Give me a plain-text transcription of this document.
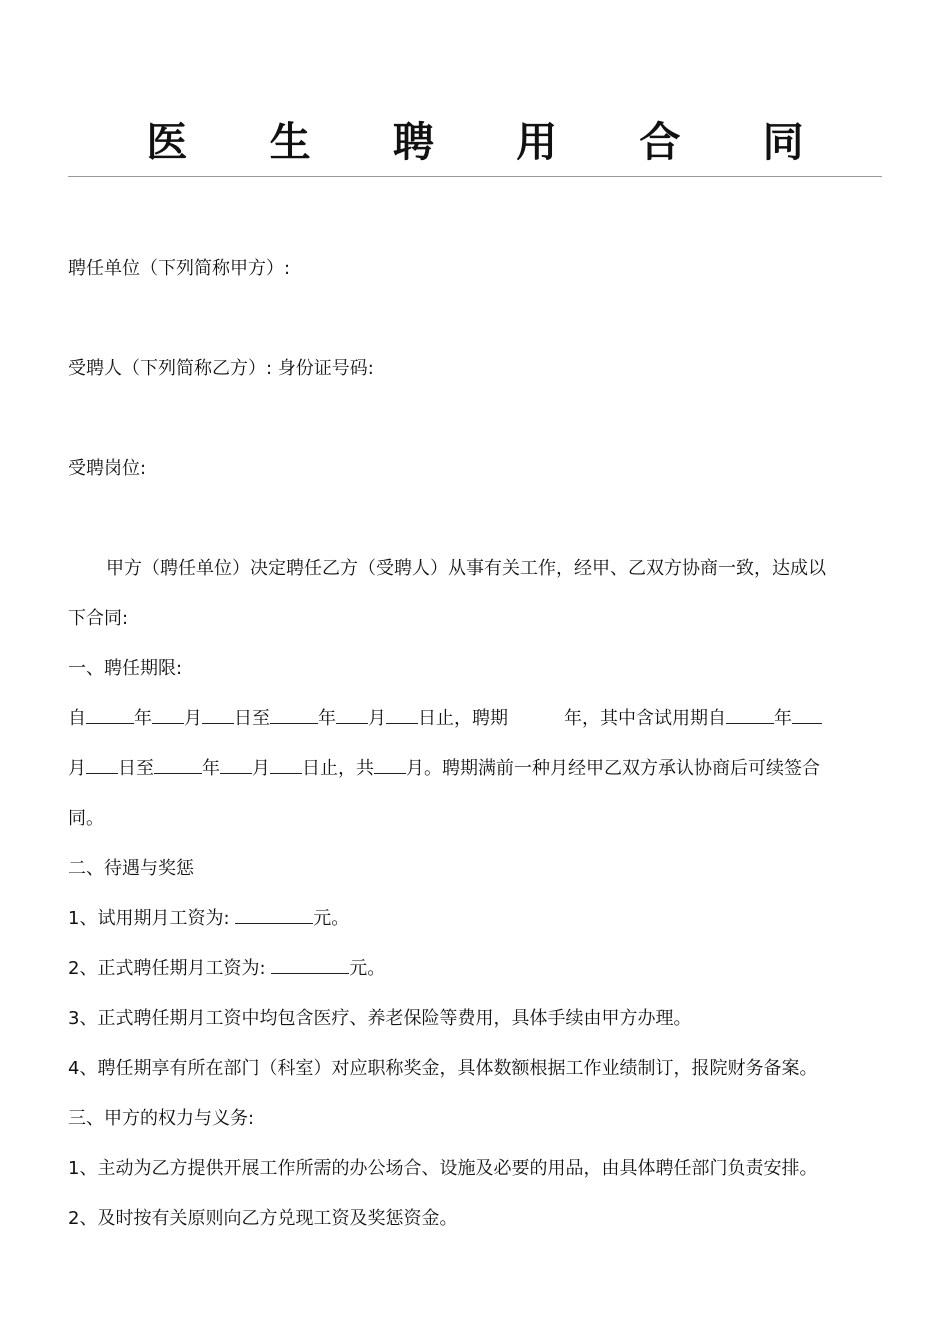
医 生 聘 用 合 同
聘任单位（下列简称甲方）:
受聘人（下列简称乙方）: 身份证号码:
受聘岗位:
甲方（聘任单位）决定聘任乙方（受聘人）从事有关工作，经甲、乙双方协商一致，达成以
下合同:
一、聘任期限:
自	年 月 日至	年 月 日止，聘期	年，其中含试用期自	年
月 日至	年 月 日止，共 月。聘期满前一种月经甲乙双方承认协商后可续签合
同。
二、待遇与奖惩
1、试用期月工资为:	元。
2、正式聘任期月工资为:	元。
3、正式聘任期月工资中均包含医疗、养老保险等费用，具体手续由甲方办理。
4、聘任期享有所在部门（科室）对应职称奖金，具体数额根据工作业绩制订，报院财务备案。
三、甲方的权力与义务:
1、主动为乙方提供开展工作所需的办公场合、设施及必要的用品，由具体聘任部门负责安排。
2、及时按有关原则向乙方兑现工资及奖惩资金。
